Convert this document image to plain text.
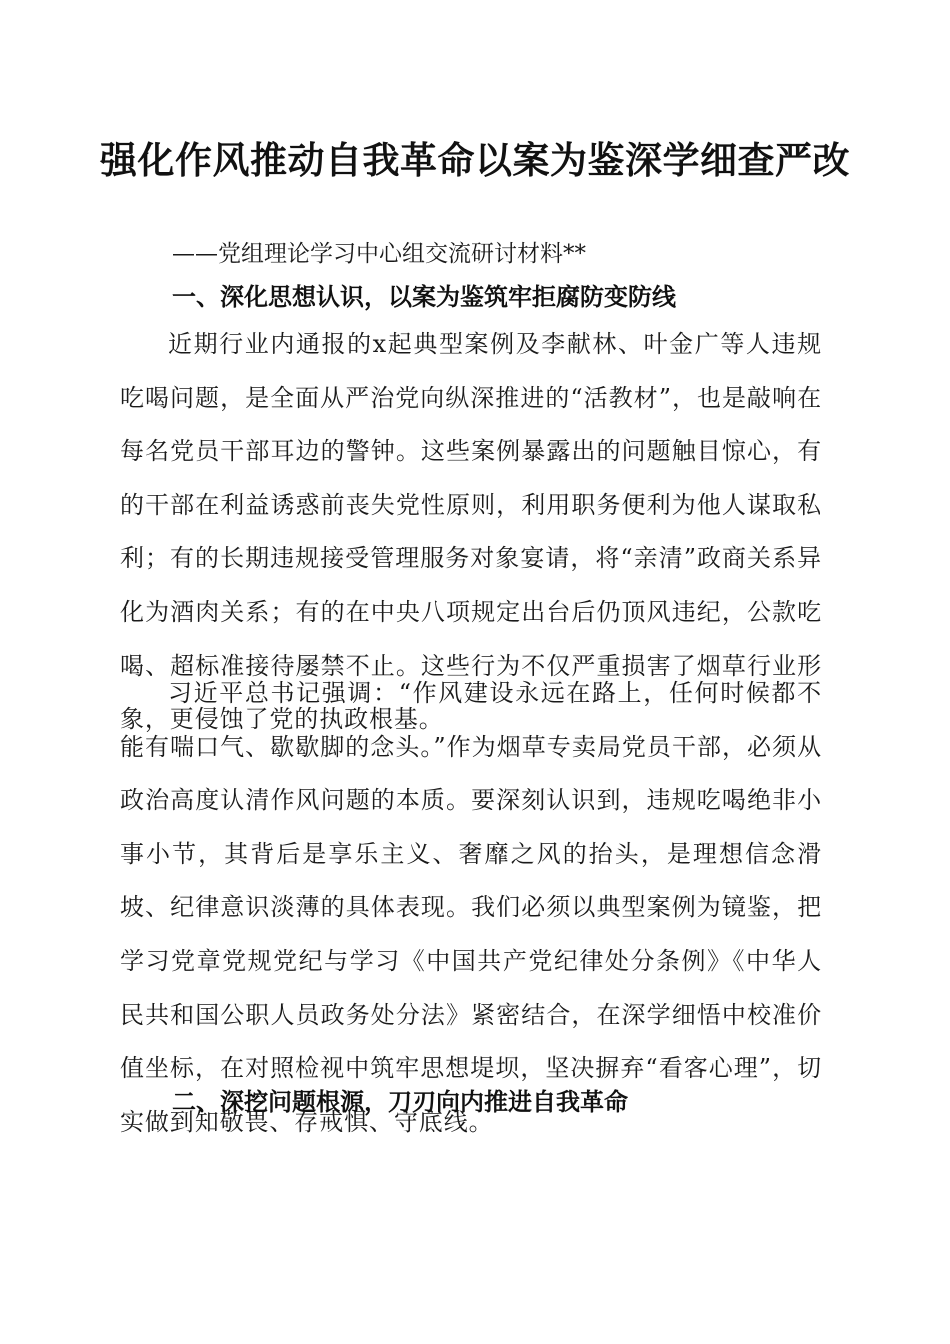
强化作风推动自我革命以案为鉴深学细查严改
——党组理论学习中心组交流研讨材料**
一、深化思想认识，以案为鉴筑牢拒腐防变防线

近期行业内通报的x起典型案例及李献林、叶金广等人违规吃喝问题，是全面从严治党向纵深推进的“活教材”，也是敲响在每名党员干部耳边的警钟。这些案例暴露出的问题触目惊心，有的干部在利益诱惑前丧失党性原则，利用职务便利为他人谋取私利；有的长期违规接受管理服务对象宴请，将“亲清”政商关系异化为酒肉关系；有的在中央八项规定出台后仍顶风违纪，公款吃喝、超标准接待屡禁不止。这些行为不仅严重损害了烟草行业形象，更侵蚀了党的执政根基。

习近平总书记强调：“作风建设永远在路上，任何时候都不能有喘口气、歇歇脚的念头。”作为烟草专卖局党员干部，必须从政治高度认清作风问题的本质。要深刻认识到，违规吃喝绝非小事小节，其背后是享乐主义、奢靡之风的抬头，是理想信念滑坡、纪律意识淡薄的具体表现。我们必须以典型案例为镜鉴，把学习党章党规党纪与学习《中国共产党纪律处分条例》《中华人民共和国公职人员政务处分法》紧密结合，在深学细悟中校准价值坐标，在对照检视中筑牢思想堤坝，坚决摒弃“看客心理”，切实做到知敬畏、存戒惧、守底线。

二、深挖问题根源，刀刃向内推进自我革命
